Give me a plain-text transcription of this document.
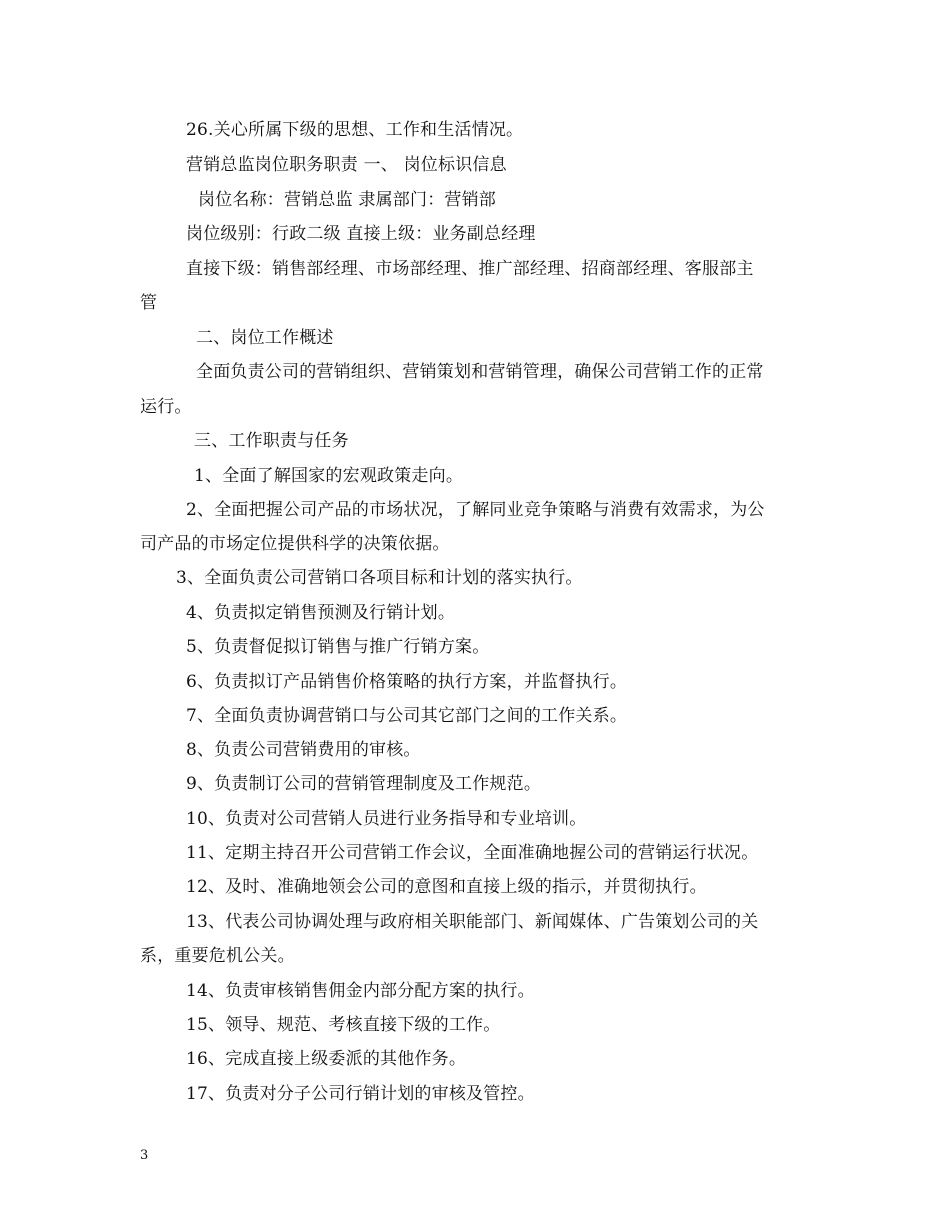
26.关心所属下级的思想、工作和生活情况。
营销总监岗位职务职责 一、 岗位标识信息
岗位名称：营销总监 隶属部门：营销部
岗位级别：行政二级 直接上级：业务副总经理
直接下级：销售部经理、市场部经理、推广部经理、招商部经理、客服部主
管
二、岗位工作概述
全面负责公司的营销组织、营销策划和营销管理，确保公司营销工作的正常
运行。
三、工作职责与任务
1、全面了解国家的宏观政策走向。
2、全面把握公司产品的市场状况，了解同业竞争策略与消费有效需求，为公
司产品的市场定位提供科学的决策依据。
3、全面负责公司营销口各项目标和计划的落实执行。
4、负责拟定销售预测及行销计划。
5、负责督促拟订销售与推广行销方案。
6、负责拟订产品销售价格策略的执行方案，并监督执行。
7、全面负责协调营销口与公司其它部门之间的工作关系。
8、负责公司营销费用的审核。
9、负责制订公司的营销管理制度及工作规范。
10、负责对公司营销人员进行业务指导和专业培训。
11、定期主持召开公司营销工作会议，全面准确地握公司的营销运行状况。
12、及时、准确地领会公司的意图和直接上级的指示，并贯彻执行。
13、代表公司协调处理与政府相关职能部门、新闻媒体、广告策划公司的关
系，重要危机公关。
14、负责审核销售佣金内部分配方案的执行。
15、领导、规范、考核直接下级的工作。
16、完成直接上级委派的其他作务。
17、负责对分子公司行销计划的审核及管控。
3
